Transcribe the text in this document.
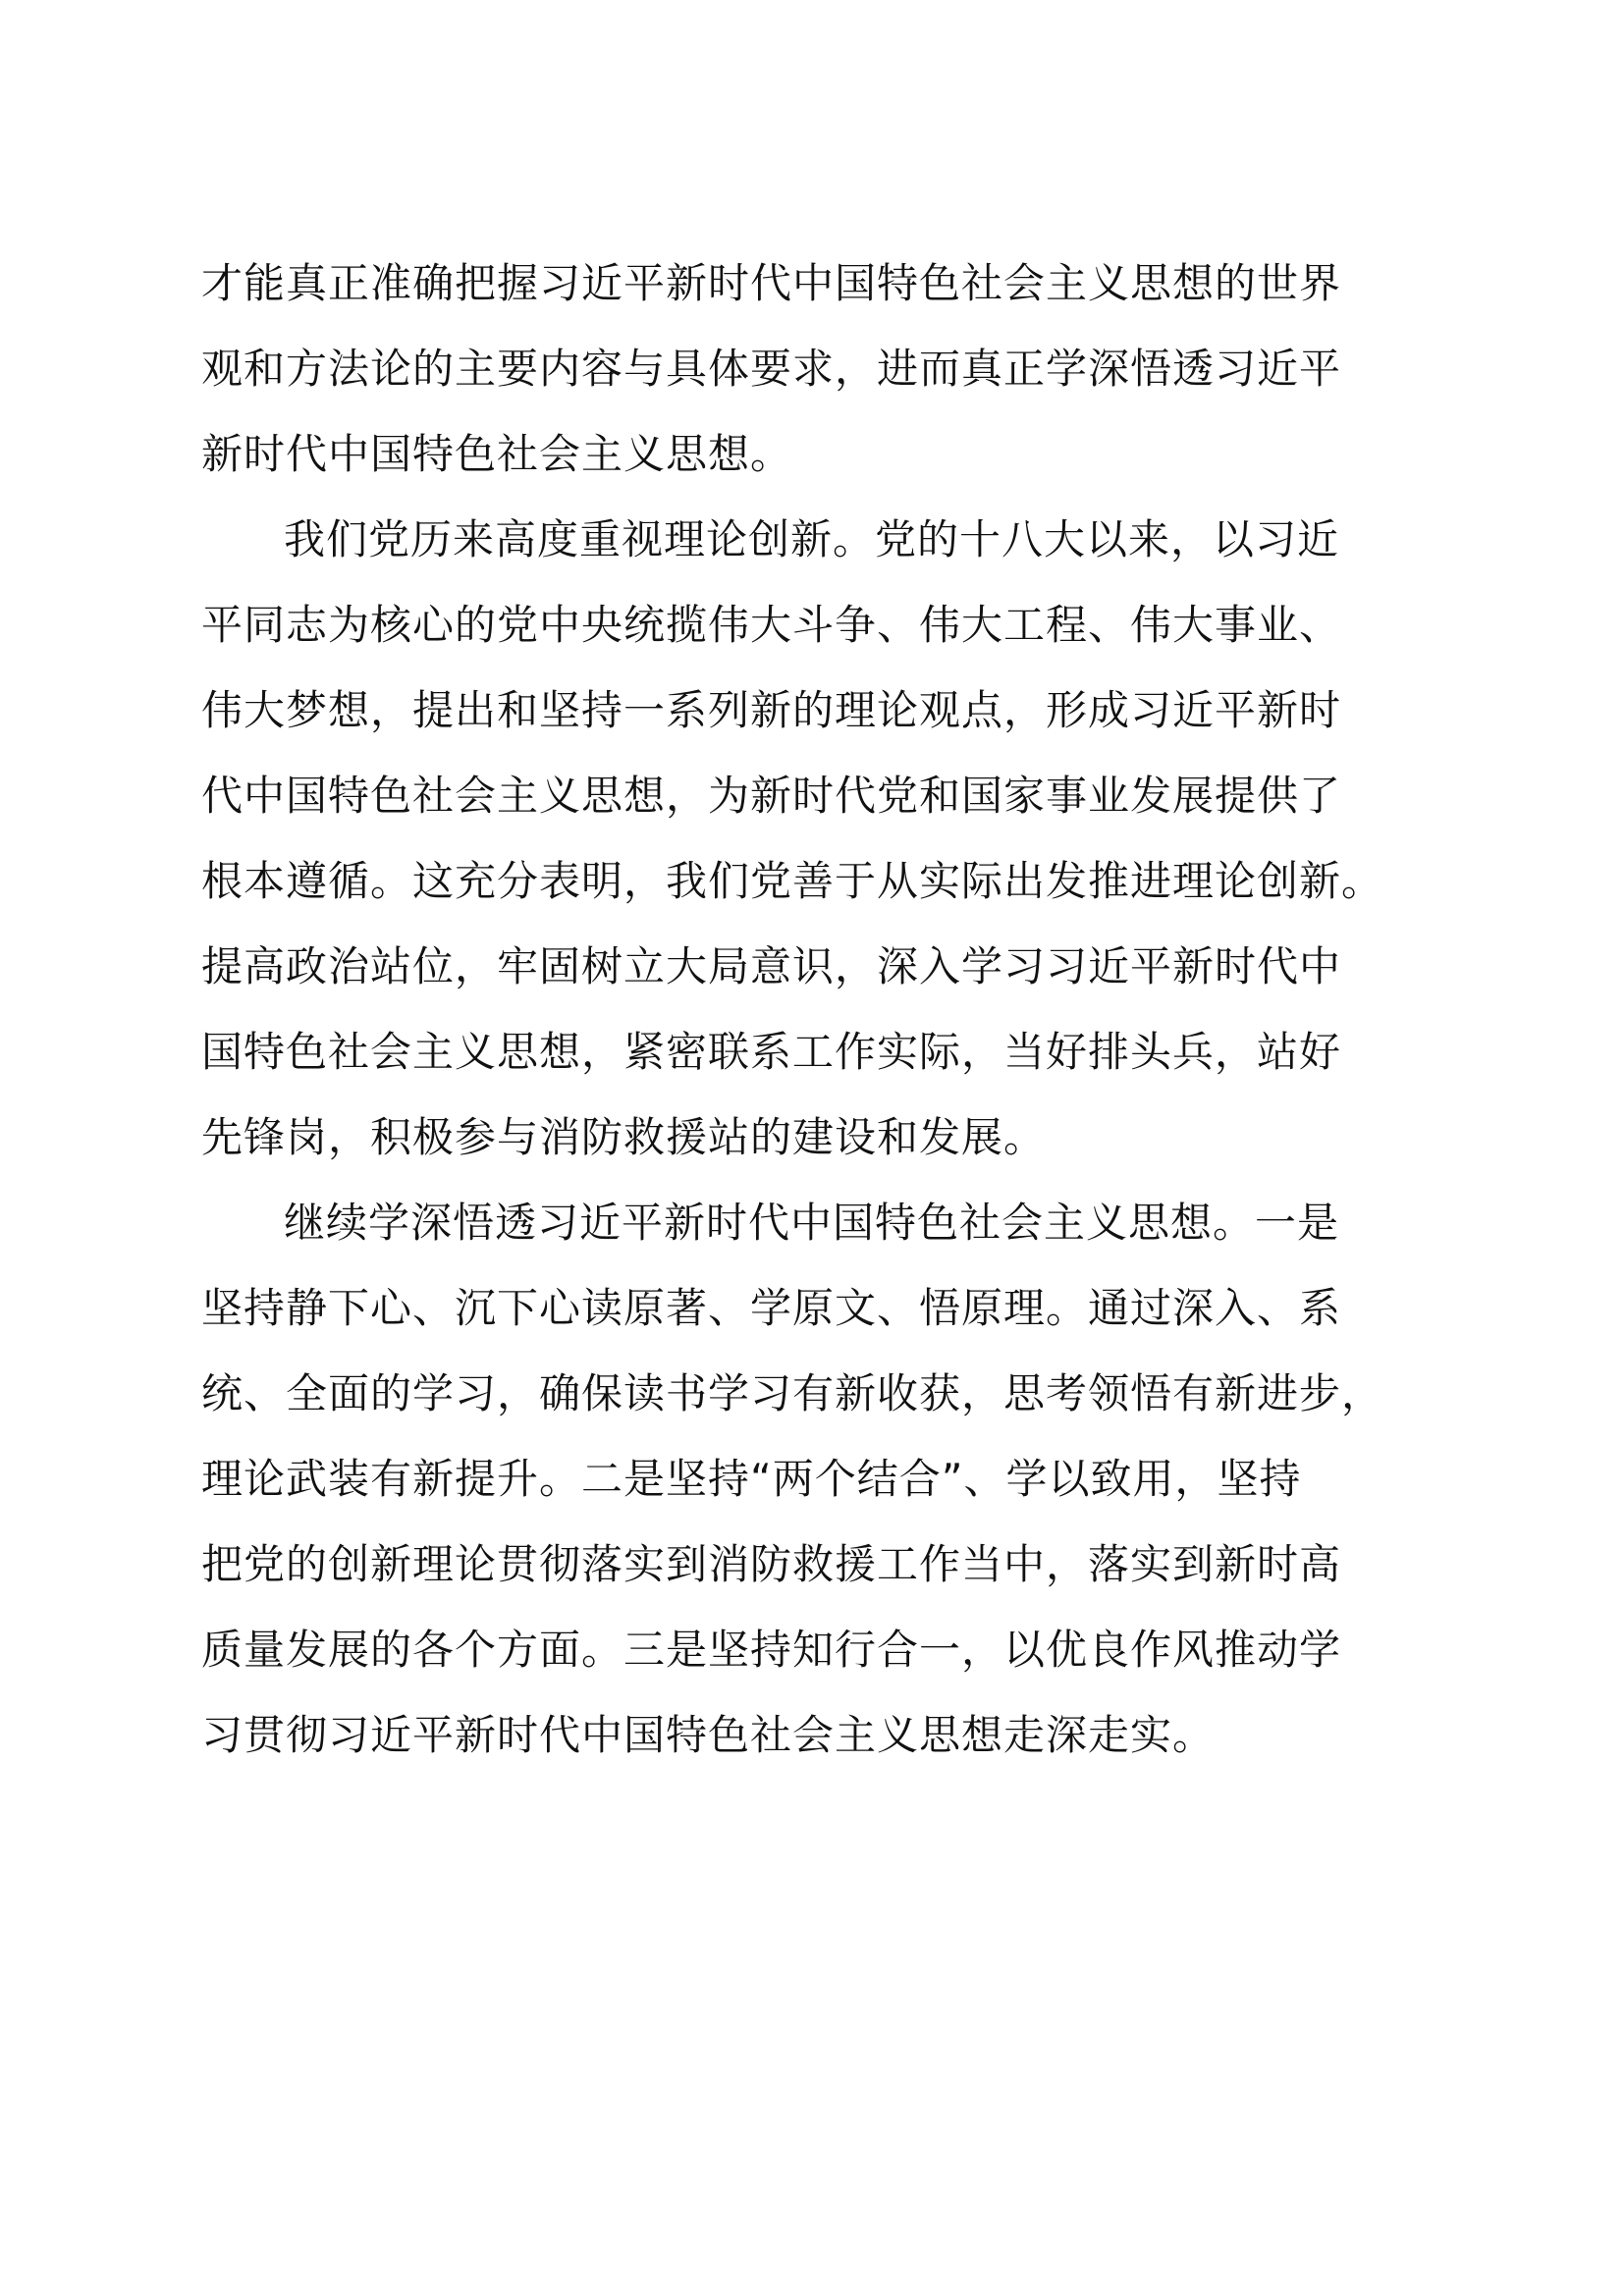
才能真正准确把握习近平新时代中国特色社会主义思想的世界
观和方法论的主要内容与具体要求，进而真正学深悟透习近平
新时代中国特色社会主义思想。
我们党历来高度重视理论创新。党的十八大以来，以习近
平同志为核心的党中央统揽伟大斗争、伟大工程、伟大事业、
伟大梦想，提出和坚持一系列新的理论观点，形成习近平新时
代中国特色社会主义思想，为新时代党和国家事业发展提供了
根本遵循。这充分表明，我们党善于从实际出发推进理论创新。
提高政治站位，牢固树立大局意识，深入学习习近平新时代中
国特色社会主义思想，紧密联系工作实际，当好排头兵，站好
先锋岗，积极参与消防救援站的建设和发展。
继续学深悟透习近平新时代中国特色社会主义思想。一是
坚持静下心、沉下心读原著、学原文、悟原理。通过深入、系
统、全面的学习，确保读书学习有新收获，思考领悟有新进步，
理论武装有新提升。二是坚持“两个结合”、学以致用，坚持
把党的创新理论贯彻落实到消防救援工作当中，落实到新时高
质量发展的各个方面。三是坚持知行合一，以优良作风推动学
习贯彻习近平新时代中国特色社会主义思想走深走实。
